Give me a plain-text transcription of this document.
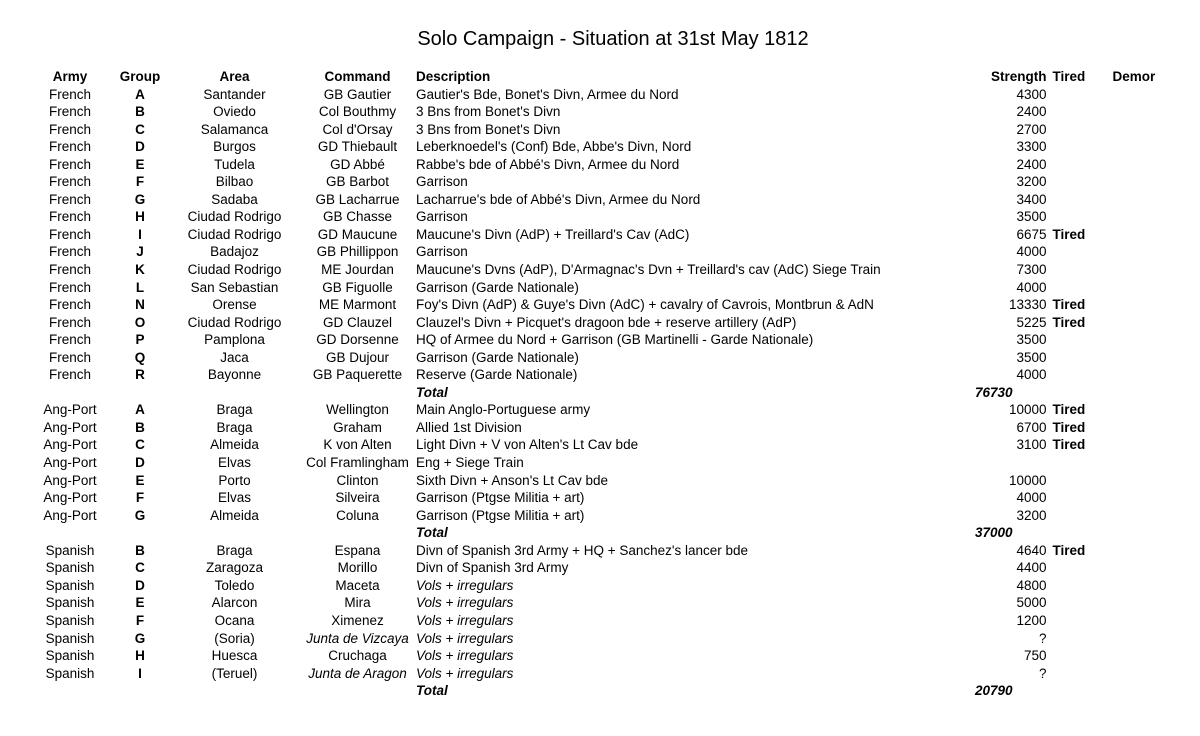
Solo Campaign - Situation at 31st May 1812
Army	Group	Area	Command	Description	Strength	Tired	Demor
French	A	Santander	GB Gautier	Gautier's Bde, Bonet's Divn, Armee du Nord	4300		
French	B	Oviedo	Col Bouthmy	3 Bns from Bonet's Divn	2400		
French	C	Salamanca	Col d'Orsay	3 Bns from Bonet's Divn	2700		
French	D	Burgos	GD Thiebault	Leberknoedel's (Conf) Bde, Abbe's Divn, Nord	3300		
French	E	Tudela	GD Abbé	Rabbe's bde of Abbé's Divn, Armee du Nord	2400		
French	F	Bilbao	GB Barbot	Garrison	3200		
French	G	Sadaba	GB Lacharrue	Lacharrue's bde of Abbé's Divn, Armee du Nord	3400		
French	H	Ciudad Rodrigo	GB Chasse	Garrison	3500		
French	I	Ciudad Rodrigo	GD Maucune	Maucune's Divn (AdP) + Treillard's Cav (AdC)	6675	Tired	
French	J	Badajoz	GB Phillippon	Garrison	4000		
French	K	Ciudad Rodrigo	ME Jourdan	Maucune's Dvns (AdP), D'Armagnac's Dvn + Treillard's cav (AdC) Siege Train	7300		
French	L	San Sebastian	GB Figuolle	Garrison (Garde Nationale)	4000		
French	N	Orense	ME Marmont	Foy's Divn (AdP) & Guye's Divn (AdC) + cavalry of Cavrois, Montbrun & AdN	13330	Tired	
French	O	Ciudad Rodrigo	GD Clauzel	Clauzel's Divn + Picquet's dragoon bde + reserve artillery (AdP)	5225	Tired	
French	P	Pamplona	GD Dorsenne	HQ of Armee du Nord + Garrison (GB Martinelli - Garde Nationale)	3500		
French	Q	Jaca	GB Dujour	Garrison (Garde Nationale)	3500		
French	R	Bayonne	GB Paquerette	Reserve (Garde Nationale)	4000		
				Total	76730		
Ang-Port	A	Braga	Wellington	Main Anglo-Portuguese army	10000	Tired	
Ang-Port	B	Braga	Graham	Allied 1st Division	6700	Tired	
Ang-Port	C	Almeida	K von Alten	Light Divn + V von Alten's Lt Cav bde	3100	Tired	
Ang-Port	D	Elvas	Col Framlingham	Eng + Siege Train			
Ang-Port	E	Porto	Clinton	Sixth Divn + Anson's Lt Cav bde	10000		
Ang-Port	F	Elvas	Silveira	Garrison (Ptgse Militia + art)	4000		
Ang-Port	G	Almeida	Coluna	Garrison (Ptgse Militia + art)	3200		
				Total	37000		
Spanish	B	Braga	Espana	Divn of Spanish 3rd Army + HQ + Sanchez's lancer bde	4640	Tired	
Spanish	C	Zaragoza	Morillo	Divn of Spanish 3rd Army	4400		
Spanish	D	Toledo	Maceta	Vols + irregulars	4800		
Spanish	E	Alarcon	Mira	Vols + irregulars	5000		
Spanish	F	Ocana	Ximenez	Vols + irregulars	1200		
Spanish	G	(Soria)	Junta de Vizcaya	Vols + irregulars	?		
Spanish	H	Huesca	Cruchaga	Vols + irregulars	750		
Spanish	I	(Teruel)	Junta de Aragon	Vols + irregulars	?		
				Total	20790		
